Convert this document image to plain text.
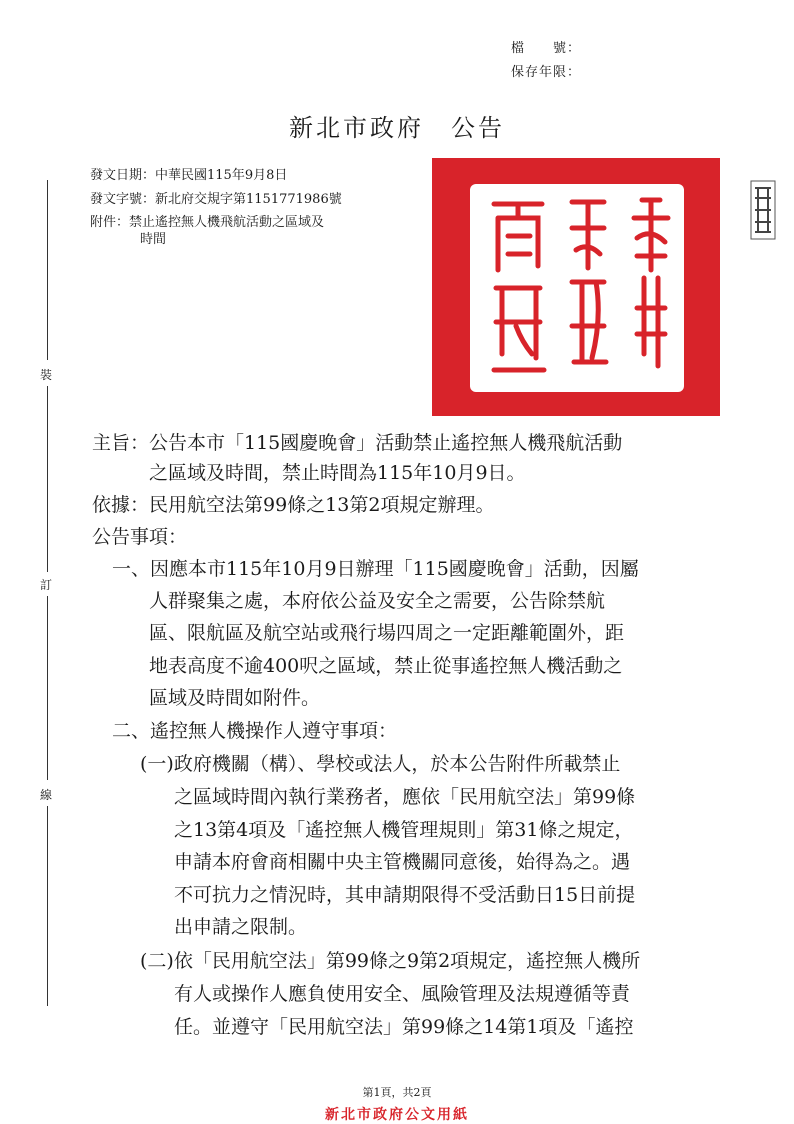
檔　　號：
保存年限：
新北市政府　公告
發文日期：中華民國115年9月8日
發文字號：新北府交規字第1151771986號
附件：禁止遙控無人機飛航活動之區域及
時間
裝
訂
線
主旨：公告本市「115國慶晚會」活動禁止遙控無人機飛航活動
之區域及時間，禁止時間為115年10月9日。
依據：民用航空法第99條之13第2項規定辦理。
公告事項：
一、因應本市115年10月9日辦理「115國慶晚會」活動，因屬
人群聚集之處，本府依公益及安全之需要，公告除禁航
區、限航區及航空站或飛行場四周之一定距離範圍外，距
地表高度不逾400呎之區域，禁止從事遙控無人機活動之
區域及時間如附件。
二、遙控無人機操作人遵守事項：
(一)政府機關（構）、學校或法人，於本公告附件所載禁止
之區域時間內執行業務者，應依「民用航空法」第99條
之13第4項及「遙控無人機管理規則」第31條之規定，
申請本府會商相關中央主管機關同意後，始得為之。遇
不可抗力之情況時，其申請期限得不受活動日15日前提
出申請之限制。
(二)依「民用航空法」第99條之9第2項規定，遙控無人機所
有人或操作人應負使用安全、風險管理及法規遵循等責
任。並遵守「民用航空法」第99條之14第1項及「遙控
第1頁，共2頁
新北市政府公文用紙
